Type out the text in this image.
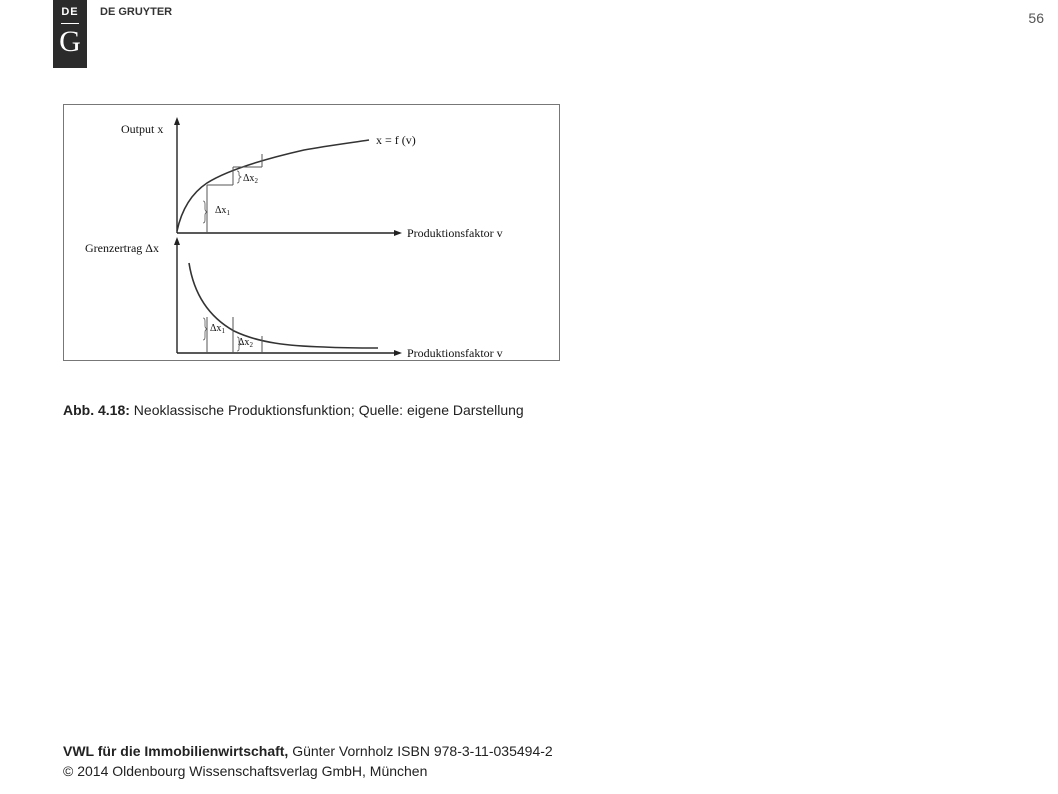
DE
G
DE GRUYTER	56
Output x
Produktionsfaktor v
x = f (v)
$\Delta x_1$
$\Delta x_2$
Grenzertrag Δx
Produktionsfaktor v
$\Delta x_1$
$\Delta x_2$
Abb. 4.18: Neoklassische Produktionsfunktion; Quelle: eigene Darstellung
VWL für die Immobilienwirtschaft, Günter Vornholz ISBN 978-3-11-035494-2
© 2014 Oldenbourg Wissenschaftsverlag GmbH, München
